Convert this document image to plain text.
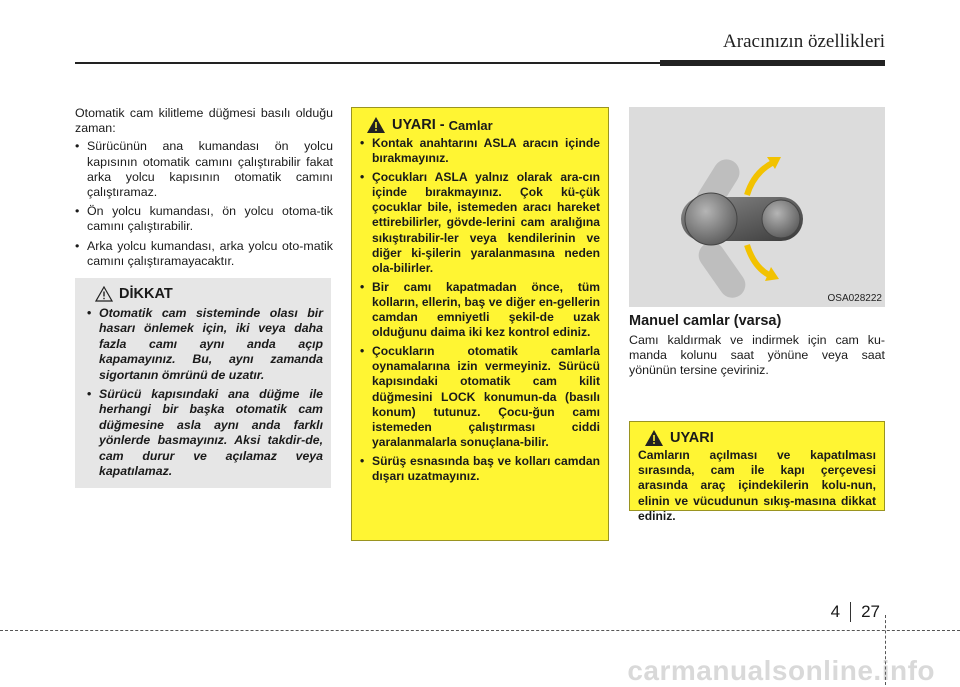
Aracınızın özellikleri

Otomatik cam kilitleme düğmesi basılı olduğu zaman:

• Sürücünün ana kumandası ön yolcu kapısının otomatik camını çalıştırabilir fakat arka yolcu kapısının otomatik camını çalıştıramaz.
• Ön yolcu kumandası, ön yolcu otoma-tik camını çalıştırabilir.
• Arka yolcu kumandası, arka yolcu oto-matik camını çalıştıramayacaktır.
DİKKAT
• Otomatik cam sisteminde olası bir hasarı önlemek için, iki veya daha fazla camı aynı anda açıp kapamayınız. Bu, aynı zamanda sigortanın ömrünü de uzatır.
• Sürücü kapısındaki ana düğme ile herhangi bir başka otomatik cam düğmesine asla aynı anda farklı yönlerde basmayınız. Aksi takdir-de, cam durur ve açılamaz veya kapatılamaz.
UYARI - Camlar
• Kontak anahtarını ASLA aracın içinde bırakmayınız.
• Çocukları ASLA yalnız olarak ara-cın içinde bırakmayınız. Çok kü-çük çocuklar bile, istemeden aracı hareket ettirebilirler, gövde-lerini cam aralığına sıkıştırabilir-ler veya kendilerinin ve diğer ki-şilerin yaralanmasına neden ola-bilirler.
• Bir camı kapatmadan önce, tüm kolların, ellerin, baş ve diğer en-gellerin camdan emniyetli şekil-de uzak olduğunu daima iki kez kontrol ediniz.
• Çocukların otomatik camlarla oynamalarına izin vermeyiniz. Sürücü kapısındaki otomatik cam kilit düğmesini LOCK konumun-da (basılı konum) tutunuz. Çocu-ğun camı istemeden çalıştırması ciddi yaralanmalarla sonuçlana-bilir.
• Sürüş esnasında baş ve kolları camdan dışarı uzatmayınız.
OSA028222
Manuel camlar (varsa)

Camı kaldırmak ve indirmek için cam ku-manda kolunu saat yönüne veya saat yönünün tersine çeviriniz.

UYARI

Camların açılması ve kapatılması sırasında, cam ile kapı çerçevesi arasında araç içindekilerin kolu-nun, elinin ve vücudunun sıkış-masına dikkat ediniz.

4 27
carmanualsonline.info
